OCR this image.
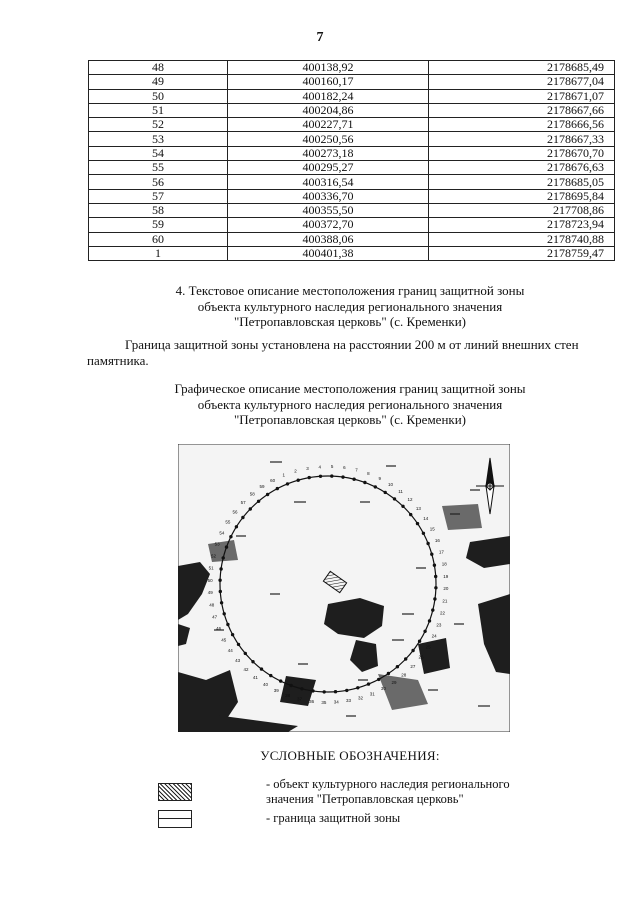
7
48	400138,92	2178685,49
49	400160,17	2178677,04
50	400182,24	2178671,07
51	400204,86	2178667,66
52	400227,71	2178666,56
53	400250,56	2178667,33
54	400273,18	2178670,70
55	400295,27	2178676,63
56	400316,54	2178685,05
57	400336,70	2178695,84
58	400355,50	217708,86
59	400372,70	2178723,94
60	400388,06	2178740,88
1	400401,38	2178759,47
4. Текстовое описание местоположения границ защитной зоны
объекта культурного наследия регионального значения
"Петропавловская церковь" (с. Кременки)
Граница защитной зоны установлена на расстоянии 200 м от линий внешних стен
памятника.
Графическое описание местоположения границ защитной зоны
объекта культурного наследия регионального значения
"Петропавловская церковь" (с. Кременки)
1
2
3 4 5 6 7
8
9
10
11
12
13
14
15
16
17
18
19
20
21
22
23
24
25
26
27
28
29
30
31
32
33
34
35
36
37
38
39
40
41
42
43
44
45
46
47
48
49
50
51
52
53
54
55
56
57
58
59
60
УСЛОВНЫЕ ОБОЗНАЧЕНИЯ:
- объект культурного наследия регионального
значения "Петропавловская церковь"
- граница защитной зоны
